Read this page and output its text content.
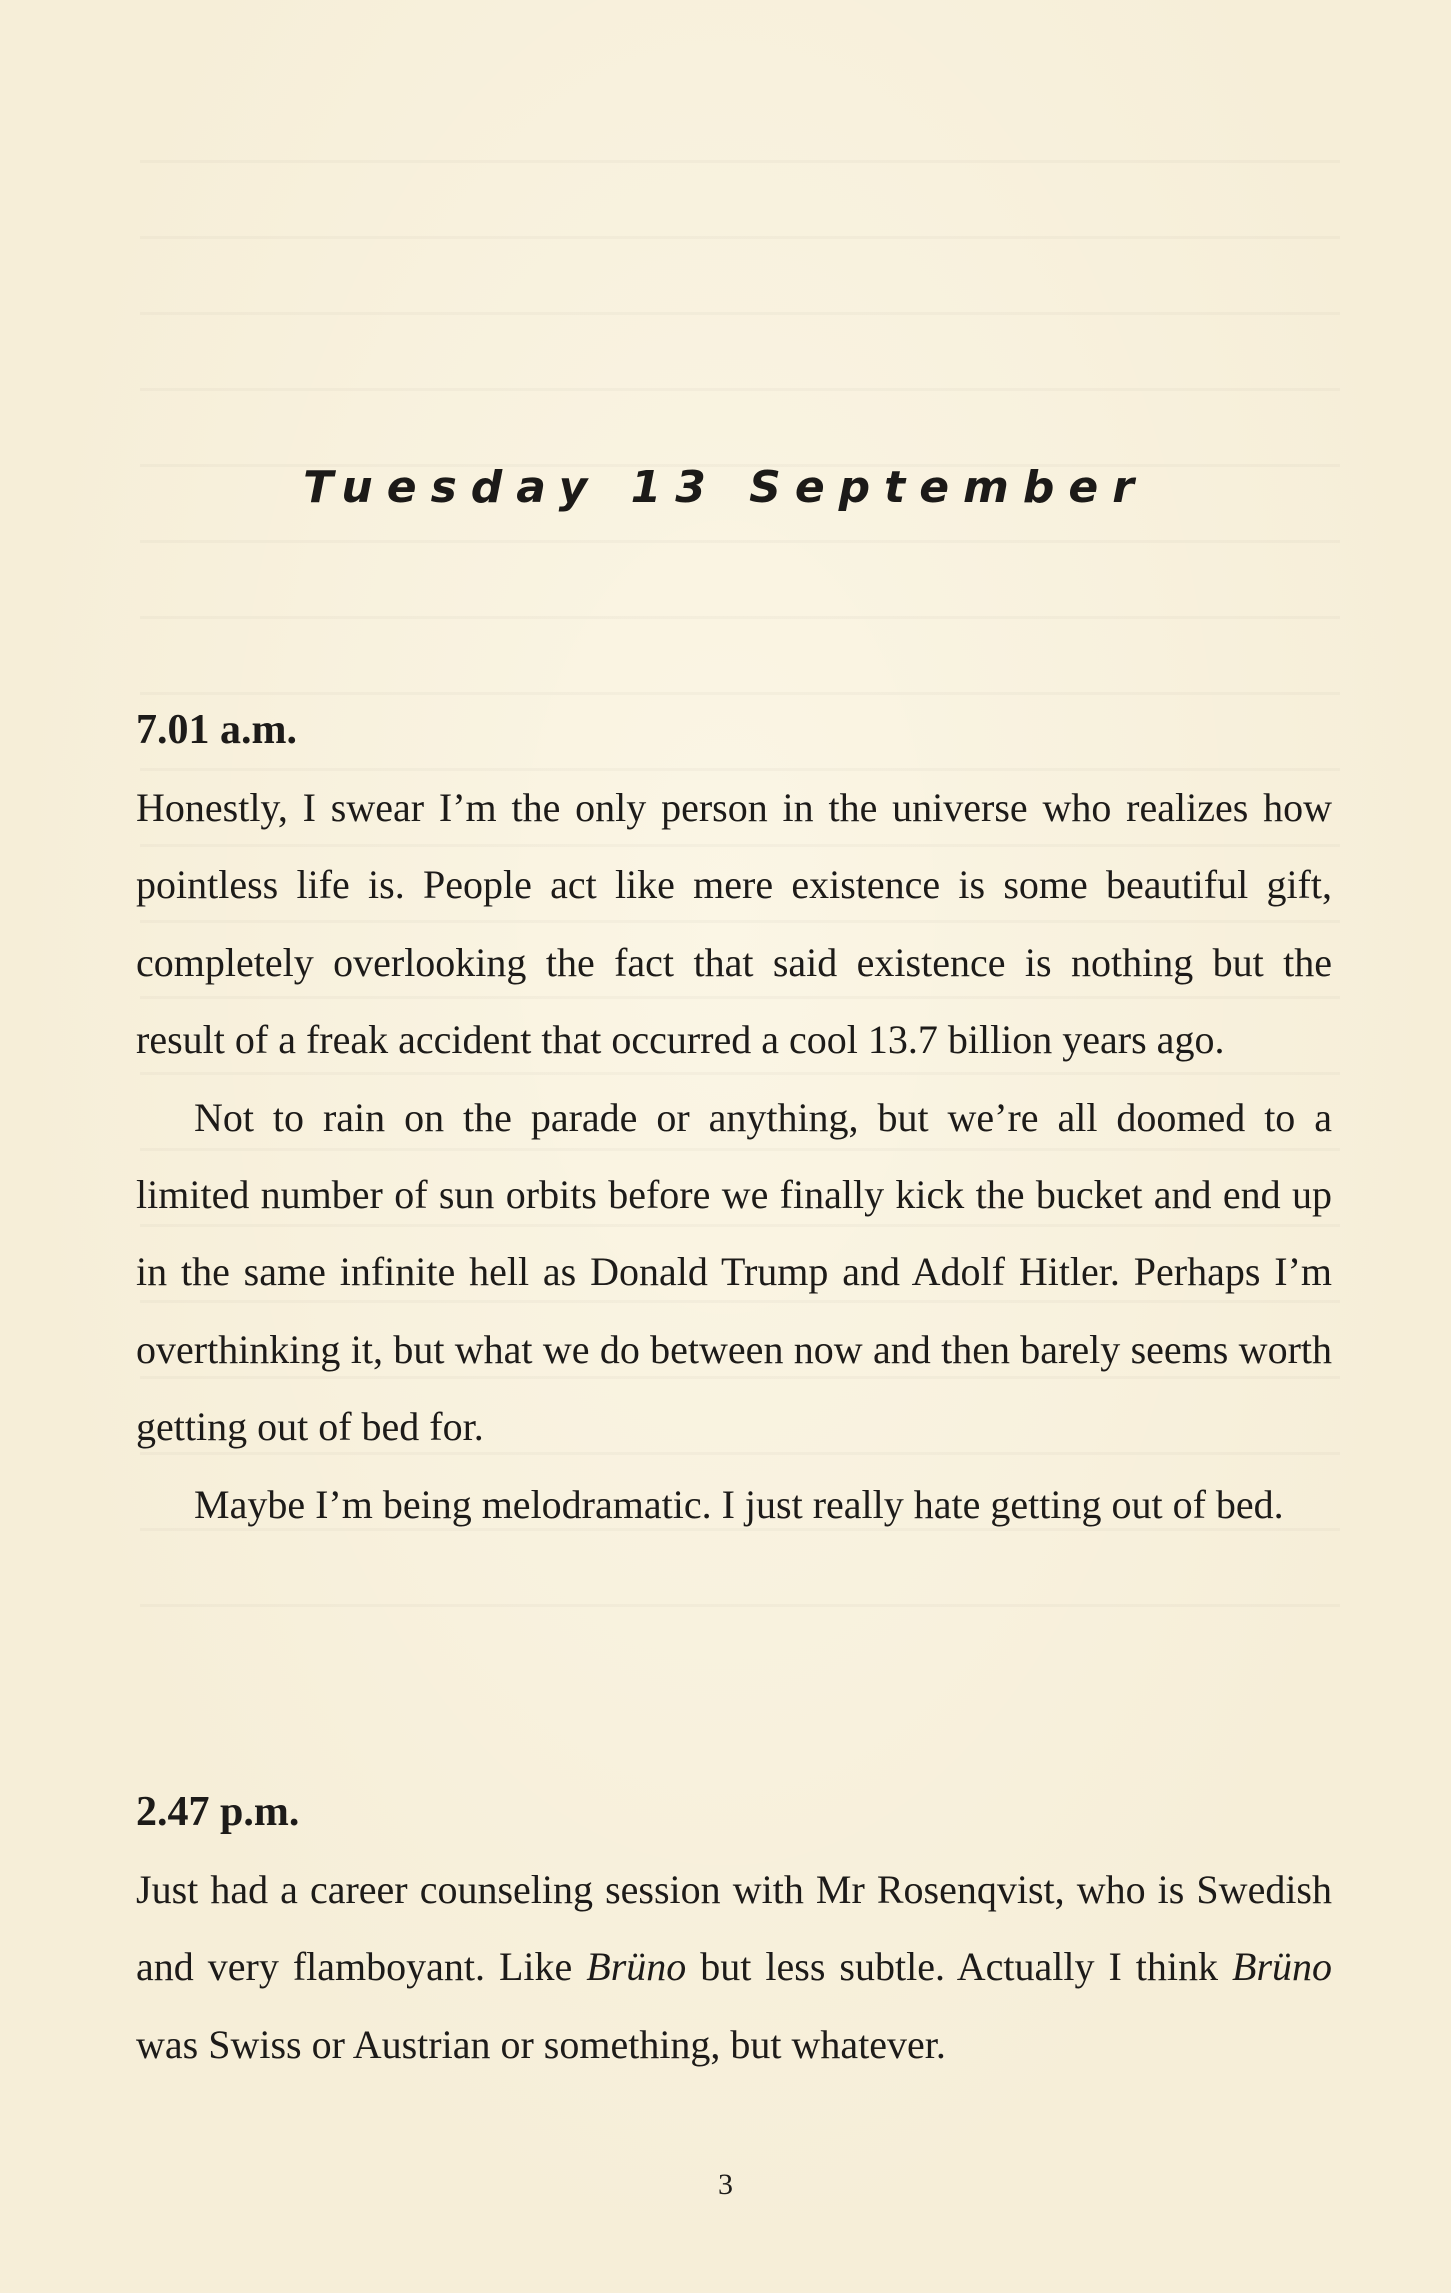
Tuesday 13 September
7.01 a.m.

Honestly, I swear I’m the only person in the universe who realizes how pointless life is. People act like mere existence is some beautiful gift, completely overlooking the fact that said existence is nothing but the result of a freak accident that occurred a cool 13.7 billion years ago.

Not to rain on the parade or anything, but we’re all doomed to a limited number of sun orbits before we finally kick the bucket and end up in the same infinite hell as Donald Trump and Adolf Hitler. Perhaps I’m overthinking it, but what we do between now and then barely seems worth getting out of bed for.

Maybe I’m being melodramatic. I just really hate getting out of bed.

2.47 p.m.

Just had a career counseling session with Mr Rosenqvist, who is Swedish and very flamboyant. Like Brüno but less subtle. Actually I think Brüno was Swiss or Austrian or something, but whatever.

3
